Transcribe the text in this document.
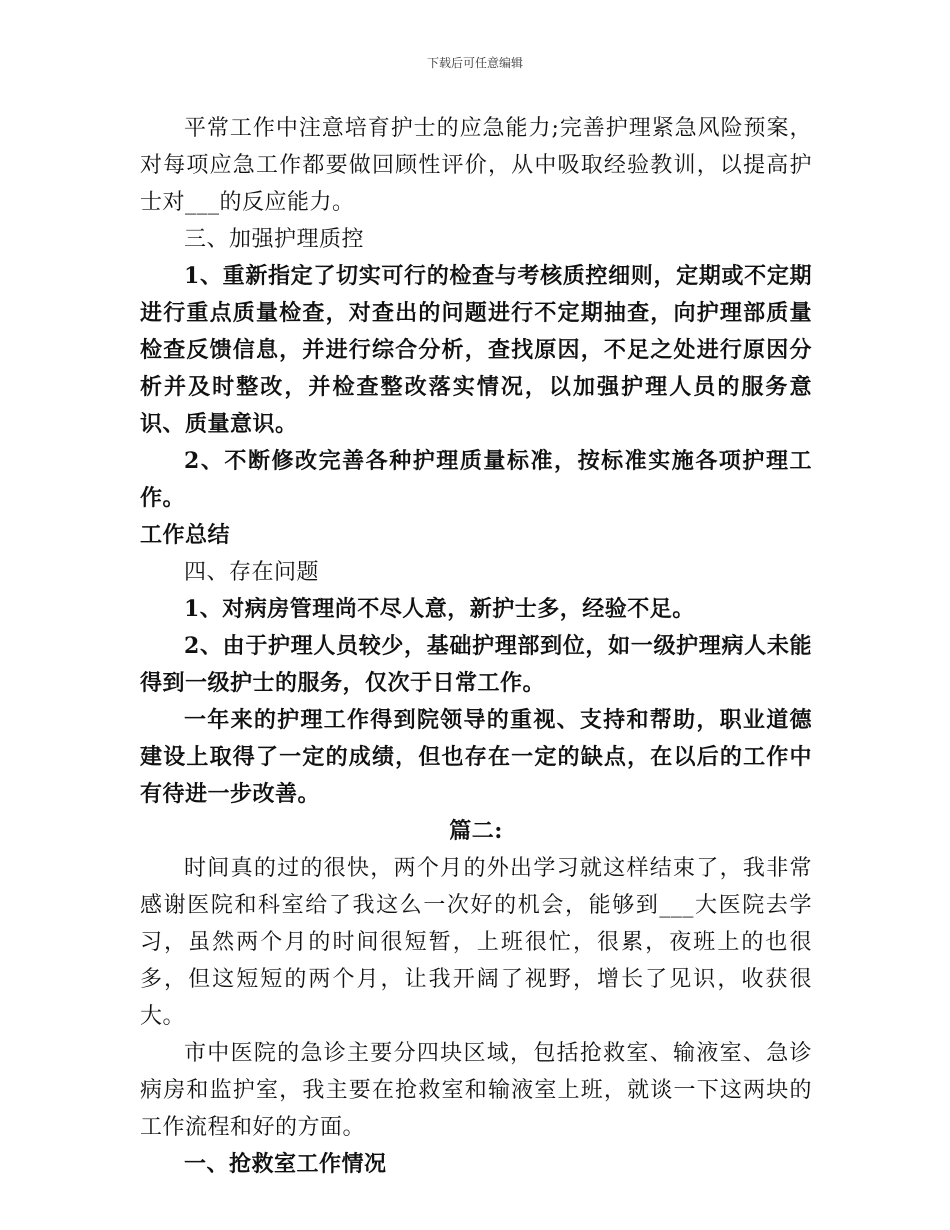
下载后可任意编辑

平常工作中注意培育护士的应急能力;完善护理紧急风险预案，对每项应急工作都要做回顾性评价，从中吸取经验教训，以提高护士对___的反应能力。

三、加强护理质控

1、重新指定了切实可行的检查与考核质控细则，定期或不定期进行重点质量检查，对查出的问题进行不定期抽查，向护理部质量检查反馈信息，并进行综合分析，查找原因，不足之处进行原因分析并及时整改，并检查整改落实情况，以加强护理人员的服务意识、质量意识。

2、不断修改完善各种护理质量标准，按标准实施各项护理工作。

工作总结

四、存在问题

1、对病房管理尚不尽人意，新护士多，经验不足。

2、由于护理人员较少，基础护理部到位，如一级护理病人未能得到一级护士的服务，仅次于日常工作。

一年来的护理工作得到院领导的重视、支持和帮助，职业道德建设上取得了一定的成绩，但也存在一定的缺点，在以后的工作中有待进一步改善。

篇二:

时间真的过的很快，两个月的外出学习就这样结束了，我非常感谢医院和科室给了我这么一次好的机会，能够到___大医院去学习，虽然两个月的时间很短暂，上班很忙，很累，夜班上的也很多，但这短短的两个月，让我开阔了视野，增长了见识，收获很大。

市中医院的急诊主要分四块区域，包括抢救室、输液室、急诊病房和监护室，我主要在抢救室和输液室上班，就谈一下这两块的工作流程和好的方面。

一、抢救室工作情况
